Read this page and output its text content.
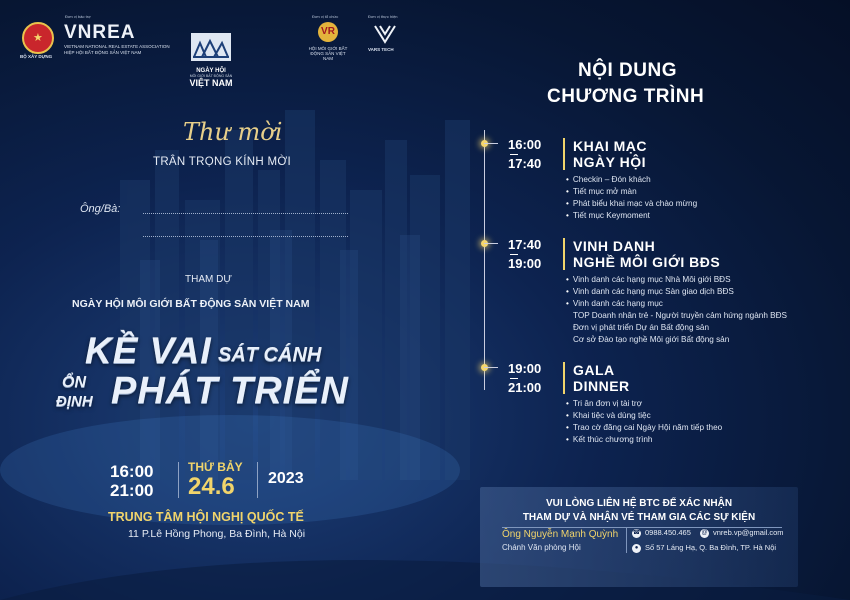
★
BỘ XÂY DỰNG
Đơn vị bảo trợ
VNREA
VIETNAM NATIONAL REAL ESTATE ASSOCIATION
HIỆP HỘI BẤT ĐỘNG SẢN VIỆT NAM
NGÀY HỘI
MÔI GIỚI BẤT ĐỘNG SẢN
VIỆT NAM
Đơn vị tổ chức
VR
HỘI MÔI GIỚI BẤT ĐỘNG SẢN VIỆT NAM
Đơn vị thực hiện
VARS TECH
Thư mời
TRÂN TRỌNG KÍNH MỜI
Ông/Bà:
THAM DỰ
NGÀY HỘI MÔI GIỚI BẤT ĐỘNG SẢN VIỆT NAM
KỀ VAI SÁT CÁNH
ỔN
ĐỊNH PHÁT TRIỂN
16:00
21:00
THỨ BẢY
24.6 2023
TRUNG TÂM HỘI NGHỊ QUỐC TẾ
11 P.Lê Hồng Phong, Ba Đình, Hà Nội
NỘI DUNG
CHƯƠNG TRÌNH
16:00
17:40
KHAI MẠC
NGÀY HỘI
• Checkin – Đón khách
• Tiết mục mở màn
• Phát biểu khai mạc và chào mừng
• Tiết mục Keymoment
17:40
19:00
VINH DANH
NGHỀ MÔI GIỚI BĐS
• Vinh danh các hạng mục Nhà Môi giới BĐS
• Vinh danh các hạng mục Sàn giao dịch BĐS
• Vinh danh các hạng mục
TOP Doanh nhân trẻ - Người truyền cảm hứng ngành BĐS
Đơn vị phát triển Dự án Bất động sản
Cơ sở Đào tạo nghề Môi giới Bất động sản
19:00
21:00
GALA
DINNER
• Tri ân đơn vị tài trợ
• Khai tiệc và dùng tiệc
• Trao cờ đăng cai Ngày Hội năm tiếp theo
• Kết thúc chương trình
VUI LÒNG LIÊN HỆ BTC ĐỂ XÁC NHẬN
THAM DỰ VÀ NHẬN VÉ THAM GIA CÁC SỰ KIỆN
Ông Nguyễn Mạnh Quỳnh
Chánh Văn phòng Hội
☎ 0988.450.465 @ vnreb.vp@gmail.com
● Số 57 Láng Hạ, Q. Ba Đình, TP. Hà Nội
